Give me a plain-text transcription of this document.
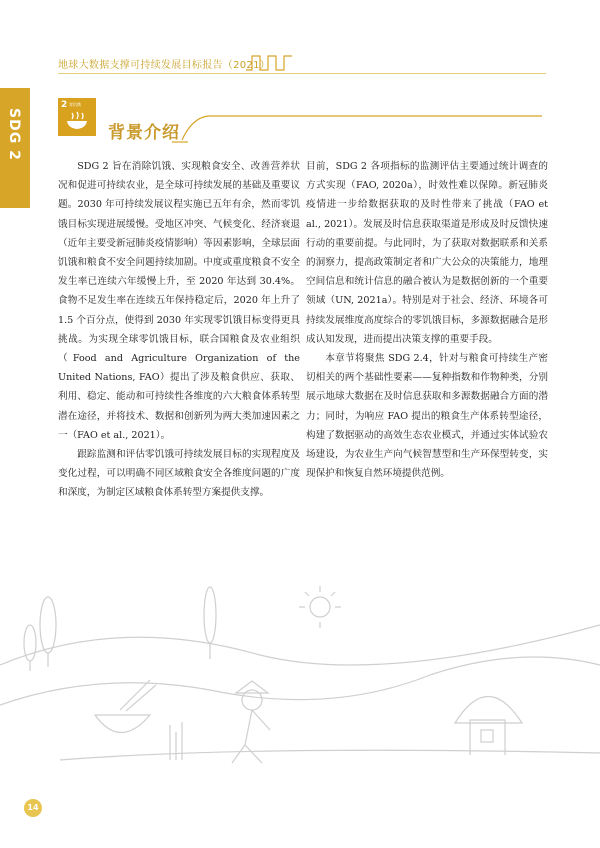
地球大数据支撑可持续发展目标报告（2021）
SDG 2
2 零饥饿
背景介绍

SDG 2 旨在消除饥饿、实现粮食安全、改善营养状况和促进可持续农业，是全球可持续发展的基础及重要议题。2030 年可持续发展议程实施已五年有余，然而零饥饿目标实现进展缓慢。受地区冲突、气候变化、经济衰退（近年主要受新冠肺炎疫情影响）等因素影响，全球层面饥饿和粮食不安全问题持续加剧。中度或重度粮食不安全发生率已连续六年缓慢上升，至 2020 年达到 30.4%。食物不足发生率在连续五年保持稳定后，2020 年上升了 1.5 个百分点，使得到 2030 年实现零饥饿目标变得更具挑战。为实现全球零饥饿目标，联合国粮食及农业组织（Food and Agriculture Organization of the United Nations, FAO）提出了涉及粮食供应、获取、利用、稳定、能动和可持续性各维度的六大粮食体系转型潜在途径，并将技术、数据和创新列为两大类加速因素之一（FAO et al., 2021）。

跟踪监测和评估零饥饿可持续发展目标的实现程度及变化过程，可以明确不同区域粮食安全各维度问题的广度和深度，为制定区域粮食体系转型方案提供支撑。

目前，SDG 2 各项指标的监测评估主要通过统计调查的方式实现（FAO, 2020a），时效性难以保障。新冠肺炎疫情进一步给数据获取的及时性带来了挑战（FAO et al., 2021）。发展及时信息获取渠道是形成及时反馈快速行动的重要前提。与此同时，为了获取对数据联系和关系的洞察力，提高政策制定者和广大公众的决策能力，地理空间信息和统计信息的融合被认为是数据创新的一个重要领域（UN, 2021a）。特别是对于社会、经济、环境各可持续发展维度高度综合的零饥饿目标，多源数据融合是形成认知发现，进而提出决策支撑的重要手段。

本章节将聚焦 SDG 2.4，针对与粮食可持续生产密切相关的两个基础性要素——复种指数和作物种类，分别展示地球大数据在及时信息获取和多源数据融合方面的潜力；同时，为响应 FAO 提出的粮食生产体系转型途径，构建了数据驱动的高效生态农业模式，并通过实体试验农场建设，为农业生产向气候智慧型和生产环保型转变，实现保护和恢复自然环境提供范例。

14
